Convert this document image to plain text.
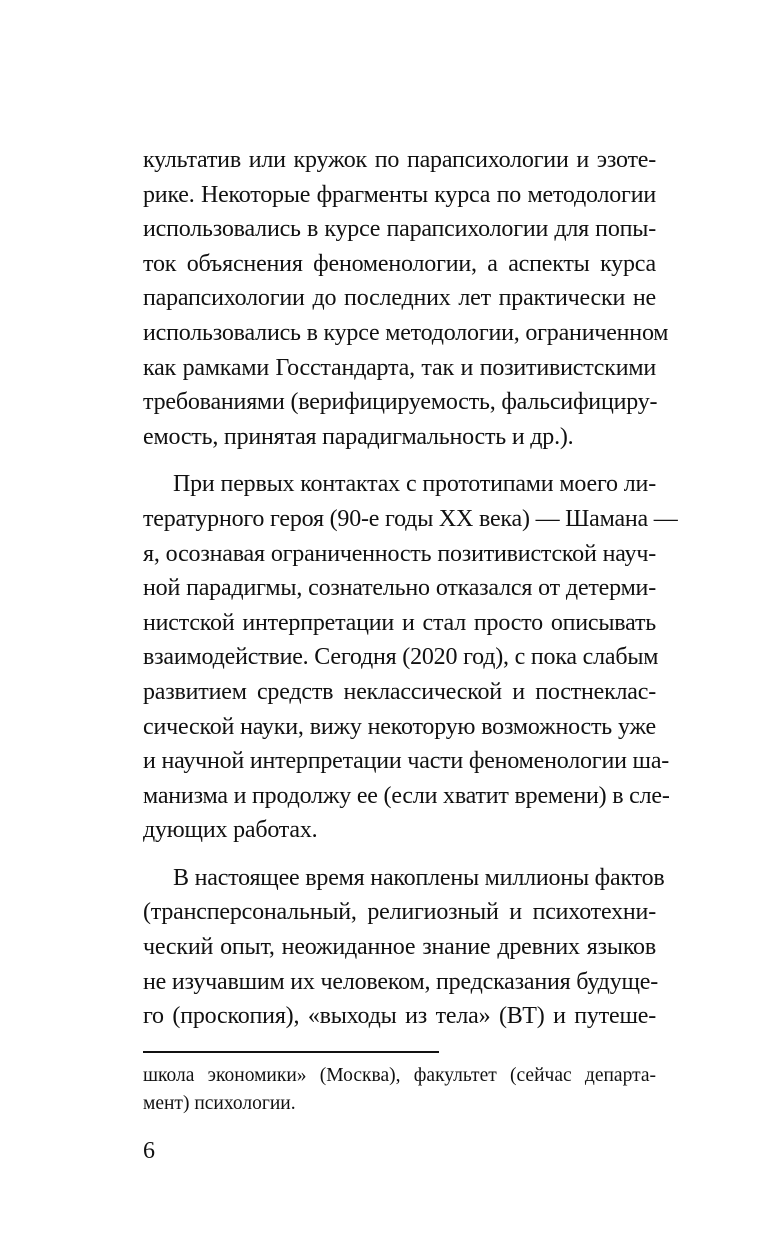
культатив или кружок по парапсихологии и эзоте-
рике. Некоторые фрагменты курса по методологии
использовались в курсе парапсихологии для попы-
ток объяснения феноменологии, а аспекты курса
парапсихологии до последних лет практически не
использовались в курсе методологии, ограниченном
как рамками Госстандарта, так и позитивистскими
требованиями (верифицируемость, фальсифициру-
емость, принятая парадигмальность и др.).
При первых контактах с прототипами моего ли-
тературного героя (90-е годы XX века) — Шамана —
я, осознавая ограниченность позитивистской науч-
ной парадигмы, сознательно отказался от детерми-
нистской интерпретации и стал просто описывать
взаимодействие. Сегодня (2020 год), с пока слабым
развитием средств неклассической и постнеклас-
сической науки, вижу некоторую возможность уже
и научной интерпретации части феноменологии ша-
манизма и продолжу ее (если хватит времени) в сле-
дующих работах.
В настоящее время накоплены миллионы фактов
(трансперсональный, религиозный и психотехни-
ческий опыт, неожиданное знание древних языков
не изучавшим их человеком, предсказания будуще-
го (проскопия), «выходы из тела» (ВТ) и путеше-
школа экономики» (Москва), факультет (сейчас департа-
мент) психологии.
6
